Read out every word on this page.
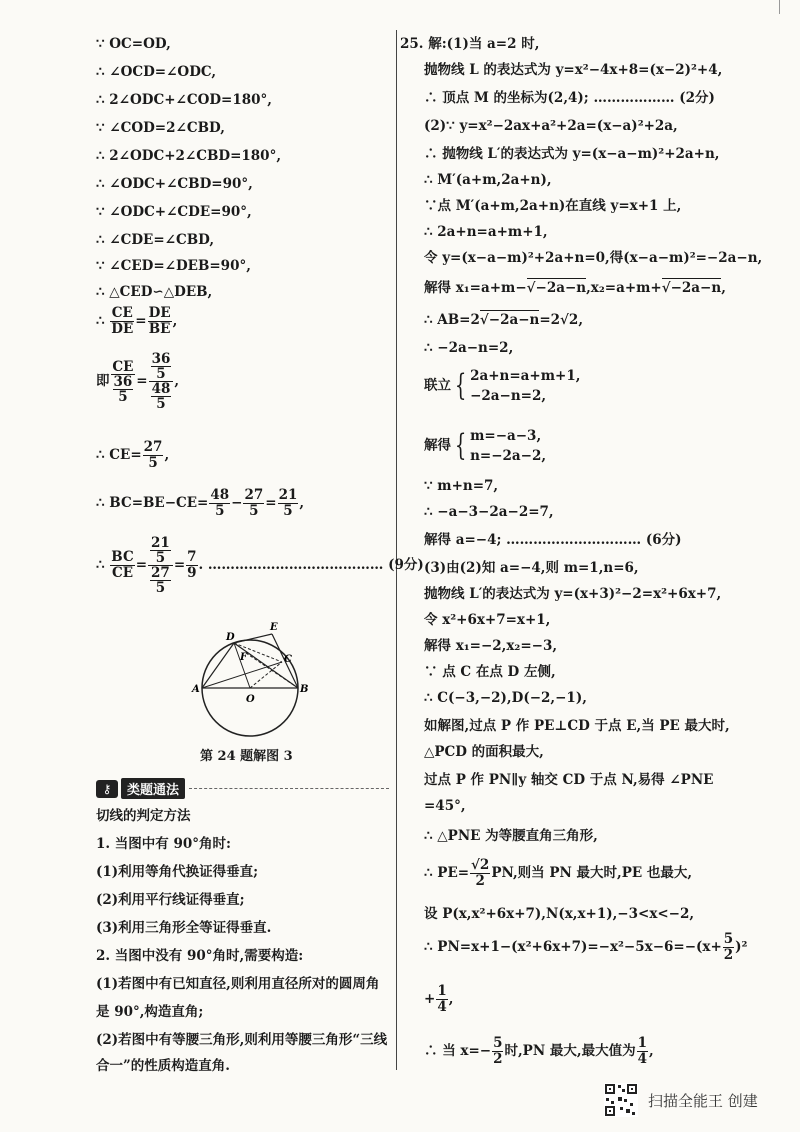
∵ OC=OD,
∴ ∠OCD=∠ODC,
∴ 2∠ODC+∠COD=180°,
∵ ∠COD=2∠CBD,
∴ 2∠ODC+2∠CBD=180°,
∴ ∠ODC+∠CBD=90°,
∵ ∠ODC+∠CDE=90°,
∴ ∠CDE=∠CBD,
∵ ∠CED=∠DEB=90°,
∴ △CED∽△DEB,
∴ $\frac{CE}{DE} = \frac{DE}{BE}$ ,
即 $\frac{CE}{\frac{36}{5}} = \frac{\frac{36}{5}}{\frac{48}{5}}$ ,
∴ $CE= \frac{27}{5}$ ,
∴ $BC=BE-CE= \frac{48}{5} - \frac{27}{5} = \frac{21}{5}$ ,
∴ $\frac{BC}{CE} = \frac{\frac{21}{5}}{\frac{27}{5}} = \frac{7}{9}$ . ………………………………… (9分)
D
E
F	C
A	B
O
第 24 题解图 3
⚷	类题通法
切线的判定方法
1. 当图中有 90°角时:
(1)利用等角代换证得垂直;
(2)利用平行线证得垂直;
(3)利用三角形全等证得垂直.
2. 当图中没有 90°角时,需要构造:
(1)若图中有已知直径,则利用直径所对的圆周角
是 90°,构造直角;
(2)若图中有等腰三角形,则利用等腰三角形“三线
合一”的性质构造直角.
25. 解:(1)当 a=2 时,
抛物线 L 的表达式为 y=x²−4x+8=(x−2)²+4,
∴ 顶点 M 的坐标为(2,4); ……………… (2分)
(2)∵ y=x²−2ax+a²+2a=(x−a)²+2a,
∴ 抛物线 L′的表达式为 y=(x−a−m)²+2a+n,
∴ M′(a+m,2a+n),
∵点 M′(a+m,2a+n)在直线 y=x+1 上,
∴ 2a+n=a+m+1,
令 y=(x−a−m)²+2a+n=0,得(x−a−m)²=−2a−n,
解得 x₁=a+m−√−2a−n,x₂=a+m+√−2a−n,
∴ AB=2√−2a−n=2√2,
∴ −2a−n=2,
联立 { 2a+n=a+m+1,
−2a−n=2,
解得 { m=−a−3,
n=−2a−2,
∵ m+n=7,
∴ −a−3−2a−2=7,
解得 a=−4; ………………………… (6分)
(3)由(2)知 a=−4,则 m=1,n=6,
抛物线 L′的表达式为 y=(x+3)²−2=x²+6x+7,
令 x²+6x+7=x+1,
解得 x₁=−2,x₂=−3,
∵ 点 C 在点 D 左侧,
∴ C(−3,−2),D(−2,−1),
如解图,过点 P 作 PE⊥CD 于点 E,当 PE 最大时,
△PCD 的面积最大,
过点 P 作 PN∥y 轴交 CD 于点 N,易得 ∠PNE
=45°,
∴ △PNE 为等腰直角三角形,
∴ $PE= \frac{√2}{2}$ PN,则当 PN 最大时,PE 也最大,
设 P(x,x²+6x+7),N(x,x+1),−3<x<−2,
∴ $PN=x+1-(x^2+6x+7)=-x^2-5x-6=-(x+ \frac{5}{2} )^2$
+ $\frac{1}{4}$ ,
∴ 当 $x=- \frac{5}{2}$ 时,PN 最大,最大值为 $\frac{1}{4}$ ,
扫描全能王 创建
